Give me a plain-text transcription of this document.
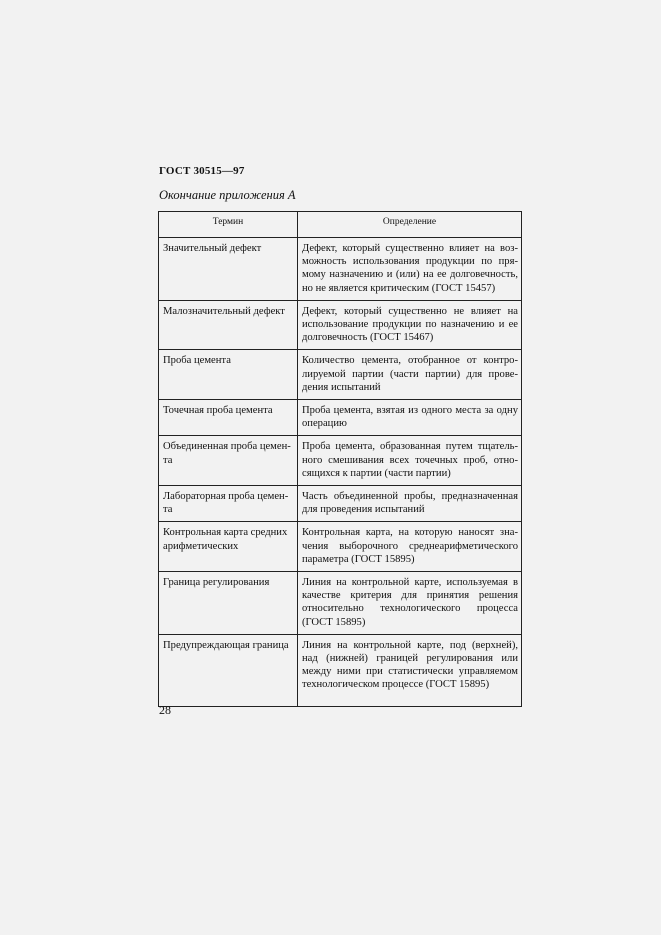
ГОСТ 30515—97
Окончание приложения А
Термин	Определение
Значительный дефект	Дефект, который существенно влияет на воз-можность использования продукции по пря-мому назначению и (или) на ее долговечность, но не является критическим (ГОСТ 15457)
Малозначительный дефект	Дефект, который существенно не влияет на использование продукции по назначению и ее долговечность (ГОСТ 15467)
Проба цемента	Количество цемента, отобранное от контро-лируемой партии (части партии) для прове-дения испытаний
Точечная проба цемента	Проба цемента, взятая из одного места за одну операцию
Объединенная проба цемен-та	Проба цемента, образованная путем тщатель-ного смешивания всех точечных проб, отно-сящихся к партии (части партии)
Лабораторная проба цемен-та	Часть объединенной пробы, предназначенная для проведения испытаний
Контрольная карта средних арифметических	Контрольная карта, на которую наносят зна-чения выборочного среднеарифметического параметра (ГОСТ 15895)
Граница регулирования	Линия на контрольной карте, используемая в качестве критерия для принятия решения относительно технологического процесса (ГОСТ 15895)
Предупреждающая граница	Линия на контрольной карте, под (верхней), над (нижней) границей регулирования или между ними при статистически управляемом технологическом процессе (ГОСТ 15895)
28
